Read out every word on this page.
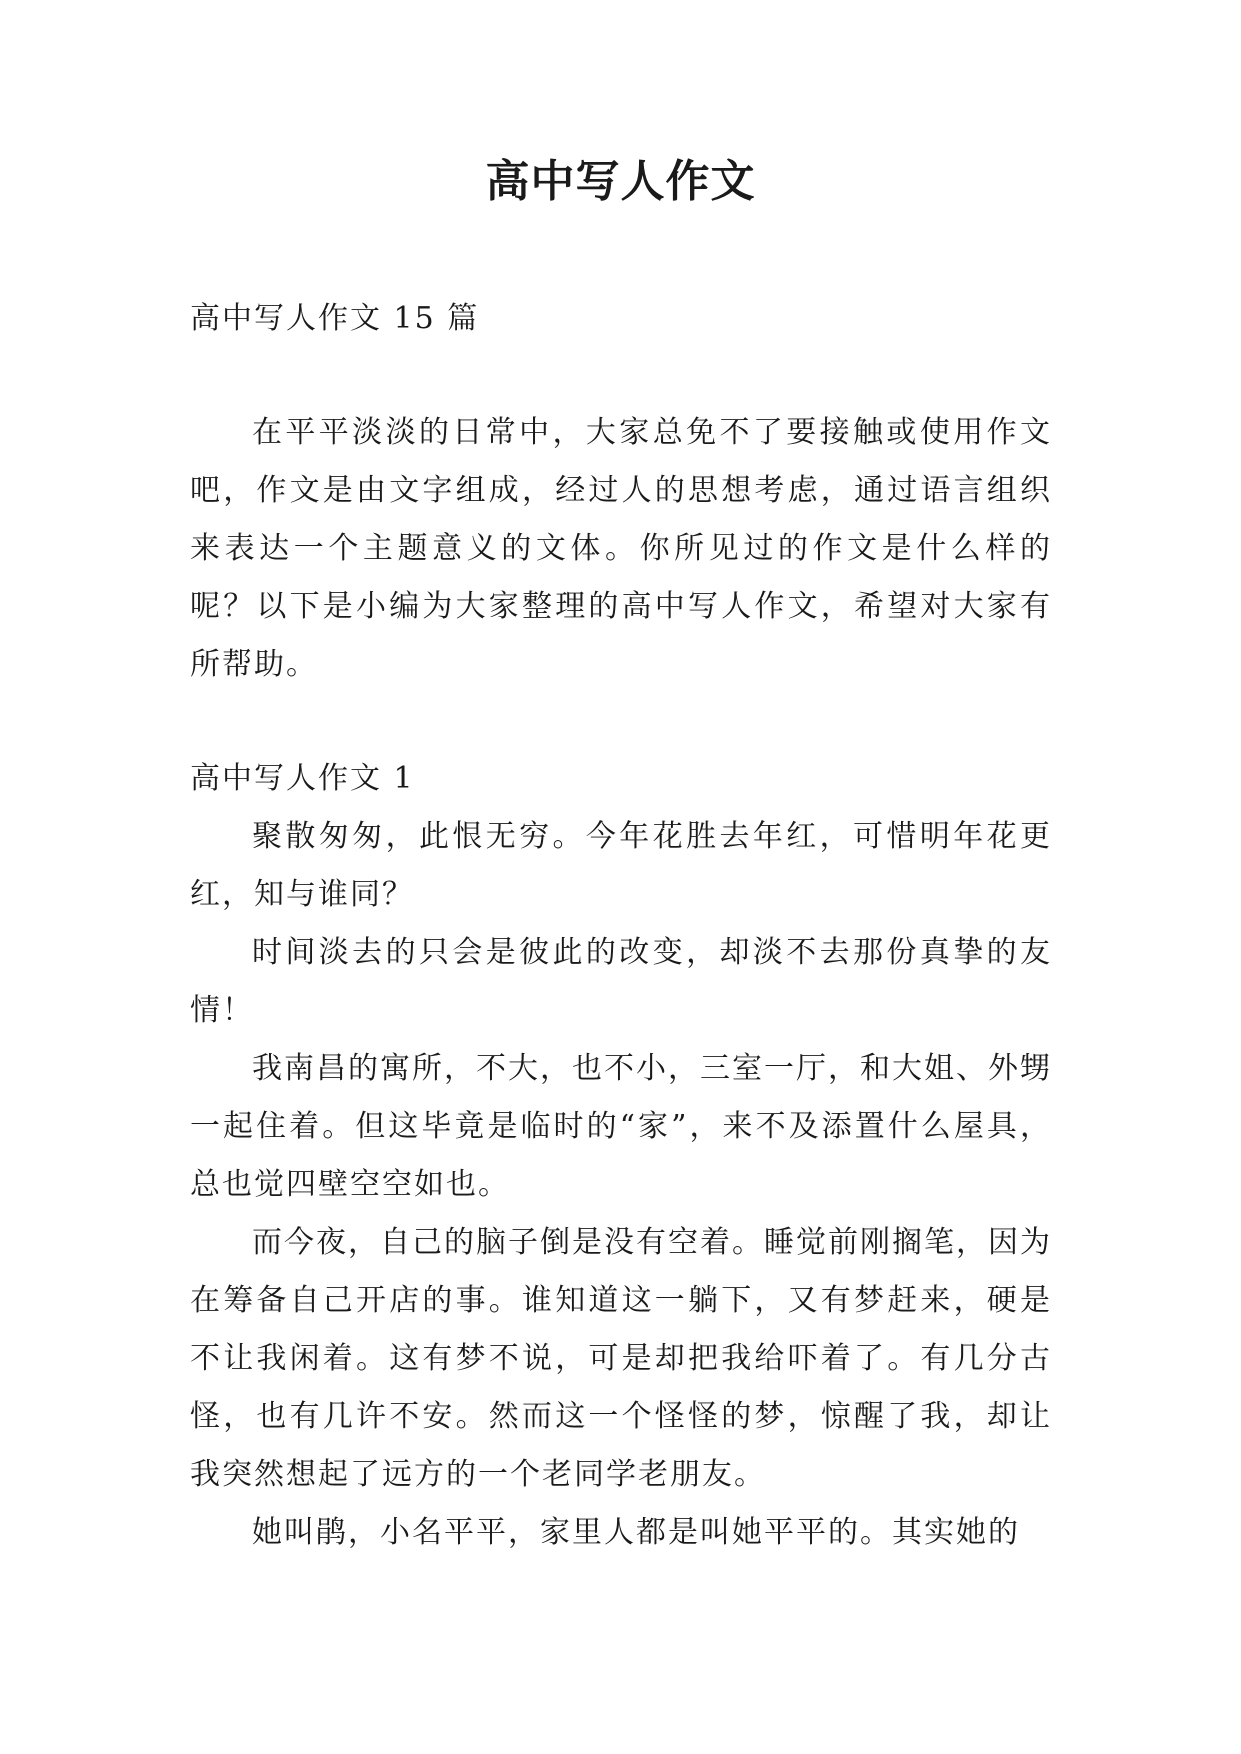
高中写人作文

高中写人作文 15 篇

在平平淡淡的日常中，大家总免不了要接触或使用作文吧，作文是由文字组成，经过人的思想考虑，通过语言组织来表达一个主题意义的文体。你所见过的作文是什么样的呢？以下是小编为大家整理的高中写人作文，希望对大家有所帮助。

高中写人作文 1

聚散匆匆，此恨无穷。今年花胜去年红，可惜明年花更红，知与谁同？

时间淡去的只会是彼此的改变，却淡不去那份真挚的友情！

我南昌的寓所，不大，也不小，三室一厅，和大姐、外甥一起住着。但这毕竟是临时的“家”，来不及添置什么屋具，总也觉四壁空空如也。

而今夜，自己的脑子倒是没有空着。睡觉前刚搁笔，因为在筹备自己开店的事。谁知道这一躺下，又有梦赶来，硬是不让我闲着。这有梦不说，可是却把我给吓着了。有几分古怪，也有几许不安。然而这一个怪怪的梦，惊醒了我，却让我突然想起了远方的一个老同学老朋友。

她叫鹃，小名平平，家里人都是叫她平平的。其实她的
